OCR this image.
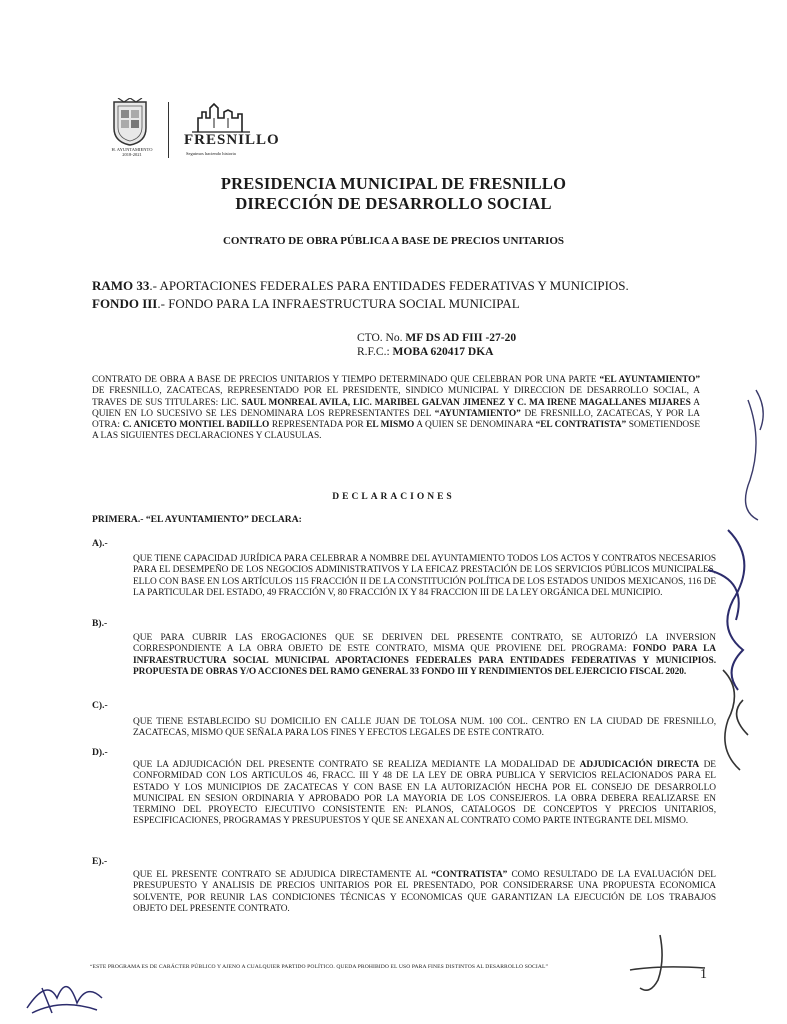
H. AYUNTAMIENTO 2018-2021
FRESNILLO
Seguimos haciendo historia
PRESIDENCIA MUNICIPAL DE FRESNILLO
DIRECCIÓN DE DESARROLLO SOCIAL
CONTRATO DE OBRA PÚBLICA A BASE DE PRECIOS UNITARIOS
RAMO 33.- APORTACIONES FEDERALES PARA ENTIDADES FEDERATIVAS Y MUNICIPIOS.
FONDO III.- FONDO PARA LA INFRAESTRUCTURA SOCIAL MUNICIPAL
CTO. No. MF DS AD FIII -27-20
R.F.C.: MOBA 620417 DKA
CONTRATO DE OBRA A BASE DE PRECIOS UNITARIOS Y TIEMPO DETERMINADO QUE CELEBRAN POR UNA PARTE “EL AYUNTAMIENTO” DE FRESNILLO, ZACATECAS, REPRESENTADO POR EL PRESIDENTE, SINDICO MUNICIPAL Y DIRECCION DE DESARROLLO SOCIAL, A TRAVES DE SUS TITULARES: LIC. SAUL MONREAL AVILA, LIC. MARIBEL GALVAN JIMENEZ Y C. MA IRENE MAGALLANES MIJARES A QUIEN EN LO SUCESIVO SE LES DENOMINARA LOS REPRESENTANTES DEL “AYUNTAMIENTO” DE FRESNILLO, ZACATECAS, Y POR LA OTRA: C. ANICETO MONTIEL BADILLO REPRESENTADA POR EL MISMO A QUIEN SE DENOMINARA “EL CONTRATISTA” SOMETIENDOSE A LAS SIGUIENTES DECLARACIONES Y CLAUSULAS.
DECLARACIONES
PRIMERA.- “EL AYUNTAMIENTO” DECLARA:
A).-
QUE TIENE CAPACIDAD JURÍDICA PARA CELEBRAR A NOMBRE DEL AYUNTAMIENTO TODOS LOS ACTOS Y CONTRATOS NECESARIOS PARA EL DESEMPEÑO DE LOS NEGOCIOS ADMINISTRATIVOS Y LA EFICAZ PRESTACIÓN DE LOS SERVICIOS PÚBLICOS MUNICIPALES, ELLO CON BASE EN LOS ARTÍCULOS 115 FRACCIÓN II DE LA CONSTITUCIÓN POLÍTICA DE LOS ESTADOS UNIDOS MEXICANOS, 116 DE LA PARTICULAR DEL ESTADO, 49 FRACCIÓN V, 80 FRACCIÓN IX Y 84 FRACCION III DE LA LEY ORGÁNICA DEL MUNICIPIO.
B).-
QUE PARA CUBRIR LAS EROGACIONES QUE SE DERIVEN DEL PRESENTE CONTRATO, SE AUTORIZÓ LA INVERSION CORRESPONDIENTE A LA OBRA OBJETO DE ESTE CONTRATO, MISMA QUE PROVIENE DEL PROGRAMA: FONDO PARA LA INFRAESTRUCTURA SOCIAL MUNICIPAL APORTACIONES FEDERALES PARA ENTIDADES FEDERATIVAS Y MUNICIPIOS. PROPUESTA DE OBRAS Y/O ACCIONES DEL RAMO GENERAL 33 FONDO III Y RENDIMIENTOS DEL EJERCICIO FISCAL 2020.
C).-
QUE TIENE ESTABLECIDO SU DOMICILIO EN CALLE JUAN DE TOLOSA NUM. 100 COL. CENTRO EN LA CIUDAD DE FRESNILLO, ZACATECAS, MISMO QUE SEÑALA PARA LOS FINES Y EFECTOS LEGALES DE ESTE CONTRATO.
D).-
QUE LA ADJUDICACIÓN DEL PRESENTE CONTRATO SE REALIZA MEDIANTE LA MODALIDAD DE ADJUDICACIÓN DIRECTA DE CONFORMIDAD CON LOS ARTICULOS 46, FRACC. III Y 48 DE LA LEY DE OBRA PUBLICA Y SERVICIOS RELACIONADOS PARA EL ESTADO Y LOS MUNICIPIOS DE ZACATECAS Y CON BASE EN LA AUTORIZACIÓN HECHA POR EL CONSEJO DE DESARROLLO MUNICIPAL EN SESION ORDINARIA Y APROBADO POR LA MAYORIA DE LOS CONSEJEROS. LA OBRA DEBERA REALIZARSE EN TERMINO DEL PROYECTO EJECUTIVO CONSISTENTE EN: PLANOS, CATALOGOS DE CONCEPTOS Y PRECIOS UNITARIOS, ESPECIFICACIONES, PROGRAMAS Y PRESUPUESTOS Y QUE SE ANEXAN AL CONTRATO COMO PARTE INTEGRANTE DEL MISMO.
E).-
QUE EL PRESENTE CONTRATO SE ADJUDICA DIRECTAMENTE AL “CONTRATISTA” COMO RESULTADO DE LA EVALUACIÓN DEL PRESUPUESTO Y ANALISIS DE PRECIOS UNITARIOS POR EL PRESENTADO, POR CONSIDERARSE UNA PROPUESTA ECONOMICA SOLVENTE, POR REUNIR LAS CONDICIONES TÉCNICAS Y ECONOMICAS QUE GARANTIZAN LA EJECUCIÓN DE LOS TRABAJOS OBJETO DEL PRESENTE CONTRATO.
“ESTE PROGRAMA ES DE CARÁCTER PÚBLICO Y AJENO A CUALQUIER PARTIDO POLÍTICO. QUEDA PROHIBIDO EL USO PARA FINES DISTINTOS AL DESARROLLO SOCIAL”	1
